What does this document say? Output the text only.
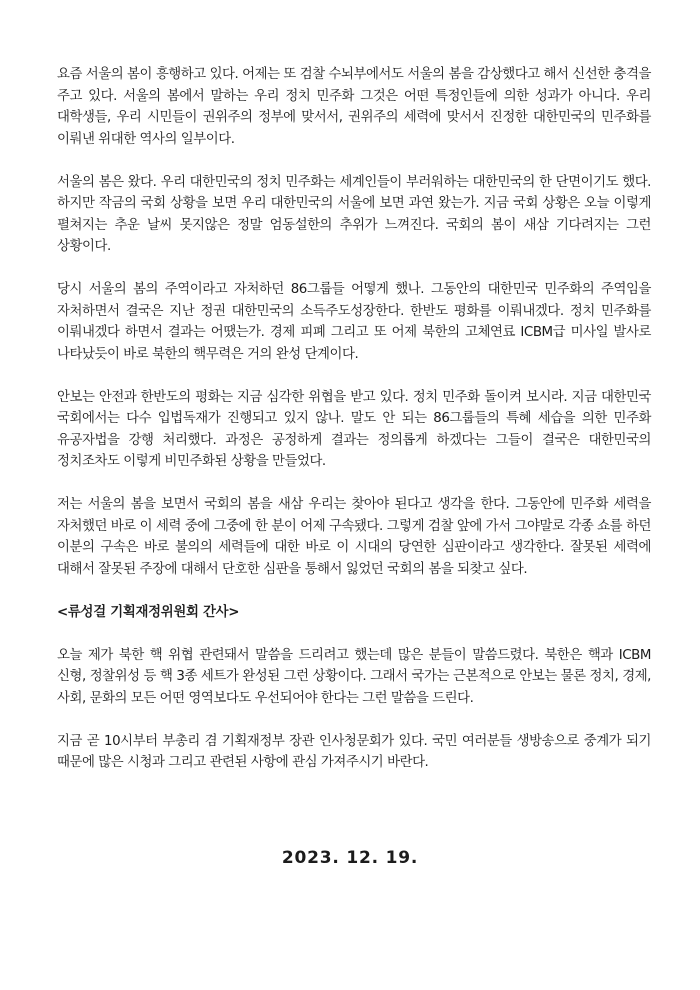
요즘 서울의 봄이 흥행하고 있다. 어제는 또 검찰 수뇌부에서도 서울의 봄을 감상했다고 해서 신선한 충격을 주고 있다. 서울의 봄에서 말하는 우리 정치 민주화 그것은 어떤 특정인들에 의한 성과가 아니다. 우리 대학생들, 우리 시민들이 권위주의 정부에 맞서서, 권위주의 세력에 맞서서 진정한 대한민국의 민주화를 이뤄낸 위대한 역사의 일부이다.

서울의 봄은 왔다. 우리 대한민국의 정치 민주화는 세계인들이 부러워하는 대한민국의 한 단면이기도 했다. 하지만 작금의 국회 상황을 보면 우리 대한민국의 서울에 보면 과연 왔는가. 지금 국회 상황은 오늘 이렇게 펼쳐지는 추운 날씨 못지않은 정말 엄동설한의 추위가 느껴진다. 국회의 봄이 새삼 기다려지는 그런 상황이다.

당시 서울의 봄의 주역이라고 자처하던 86그룹들 어떻게 했나. 그동안의 대한민국 민주화의 주역임을 자처하면서 결국은 지난 정권 대한민국의 소득주도성장한다. 한반도 평화를 이뤄내겠다. 정치 민주화를 이뤄내겠다 하면서 결과는 어땠는가. 경제 피폐 그리고 또 어제 북한의 고체연료 ICBM급 미사일 발사로 나타났듯이 바로 북한의 핵무력은 거의 완성 단계이다.

안보는 안전과 한반도의 평화는 지금 심각한 위협을 받고 있다. 정치 민주화 돌이켜 보시라. 지금 대한민국 국회에서는 다수 입법독재가 진행되고 있지 않나. 말도 안 되는 86그룹들의 특혜 세습을 의한 민주화 유공자법을 강행 처리했다. 과정은 공정하게 결과는 정의롭게 하겠다는 그들이 결국은 대한민국의 정치조차도 이렇게 비민주화된 상황을 만들었다.

저는 서울의 봄을 보면서 국회의 봄을 새삼 우리는 찾아야 된다고 생각을 한다. 그동안에 민주화 세력을 자처했던 바로 이 세력 중에 그중에 한 분이 어제 구속됐다. 그렇게 검찰 앞에 가서 그야말로 각종 쇼를 하던 이분의 구속은 바로 불의의 세력들에 대한 바로 이 시대의 당연한 심판이라고 생각한다. 잘못된 세력에 대해서 잘못된 주장에 대해서 단호한 심판을 통해서 잃었던 국회의 봄을 되찾고 싶다.

<류성걸 기획재정위원회 간사>

오늘 제가 북한 핵 위협 관련돼서 말씀을 드리려고 했는데 많은 분들이 말씀드렸다. 북한은 핵과 ICBM 신형, 정찰위성 등 핵 3종 세트가 완성된 그런 상황이다. 그래서 국가는 근본적으로 안보는 물론 정치, 경제, 사회, 문화의 모든 어떤 영역보다도 우선되어야 한다는 그런 말씀을 드린다.

지금 곧 10시부터 부총리 겸 기획재정부 장관 인사청문회가 있다. 국민 여러분들 생방송으로 중계가 되기 때문에 많은 시청과 그리고 관련된 사항에 관심 가져주시기 바란다.

2023. 12. 19.
